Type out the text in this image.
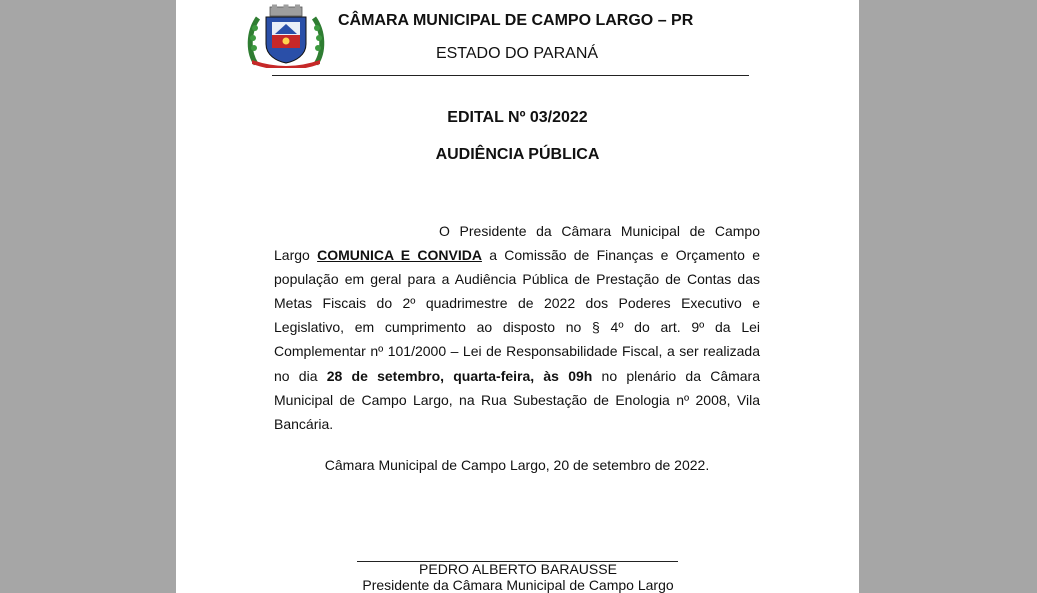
CÂMARA MUNICIPAL DE CAMPO LARGO – PR
ESTADO DO PARANÁ
EDITAL Nº 03/2022
AUDIÊNCIA PÚBLICA

O Presidente da Câmara Municipal de Campo Largo COMUNICA E CONVIDA a Comissão de Finanças e Orçamento e população em geral para a Audiência Pública de Prestação de Contas das Metas Fiscais do 2º quadrimestre de 2022 dos Poderes Executivo e Legislativo, em cumprimento ao disposto no § 4º do art. 9º da Lei Complementar nº 101/2000 – Lei de Responsabilidade Fiscal, a ser realizada no dia 28 de setembro, quarta-feira, às 09h no plenário da Câmara Municipal de Campo Largo, na Rua Subestação de Enologia nº 2008, Vila Bancária.

Câmara Municipal de Campo Largo, 20 de setembro de 2022.
PEDRO ALBERTO BARAUSSE
Presidente da Câmara Municipal de Campo Largo
